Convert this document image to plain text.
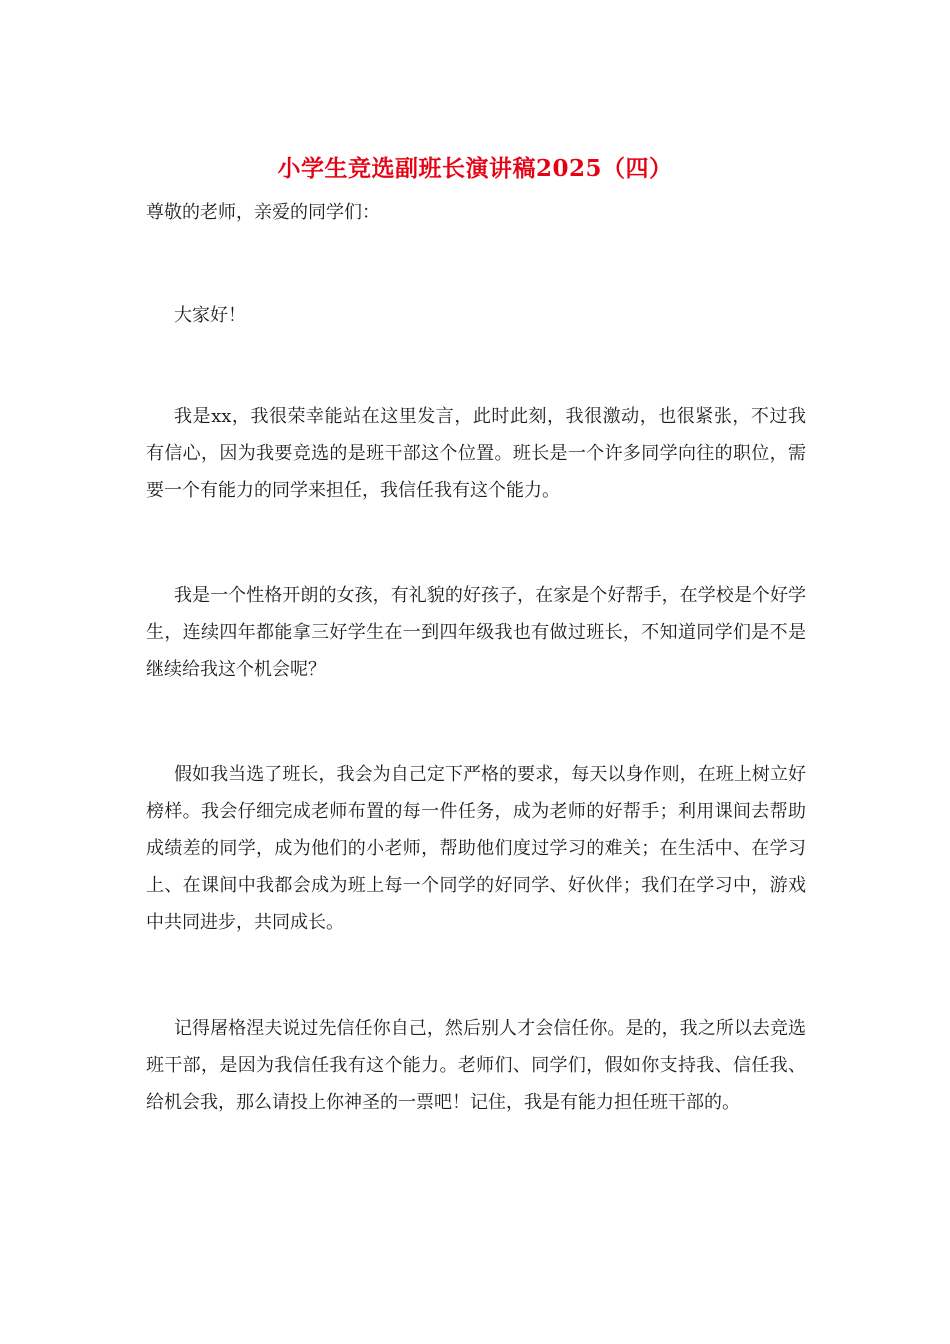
小学生竞选副班长演讲稿2025（四）

尊敬的老师，亲爱的同学们：

大家好！

我是xx，我很荣幸能站在这里发言，此时此刻，我很激动，也很紧张，不过我有信心，因为我要竞选的是班干部这个位置。班长是一个许多同学向往的职位，需要一个有能力的同学来担任，我信任我有这个能力。

我是一个性格开朗的女孩，有礼貌的好孩子，在家是个好帮手，在学校是个好学生，连续四年都能拿三好学生在一到四年级我也有做过班长，不知道同学们是不是继续给我这个机会呢？

假如我当选了班长，我会为自己定下严格的要求，每天以身作则，在班上树立好榜样。我会仔细完成老师布置的每一件任务，成为老师的好帮手；利用课间去帮助成绩差的同学，成为他们的小老师，帮助他们度过学习的难关；在生活中、在学习上、在课间中我都会成为班上每一个同学的好同学、好伙伴；我们在学习中，游戏中共同进步，共同成长。

记得屠格涅夫说过先信任你自己，然后别人才会信任你。是的，我之所以去竞选班干部，是因为我信任我有这个能力。老师们、同学们，假如你支持我、信任我、给机会我，那么请投上你神圣的一票吧！记住，我是有能力担任班干部的。
